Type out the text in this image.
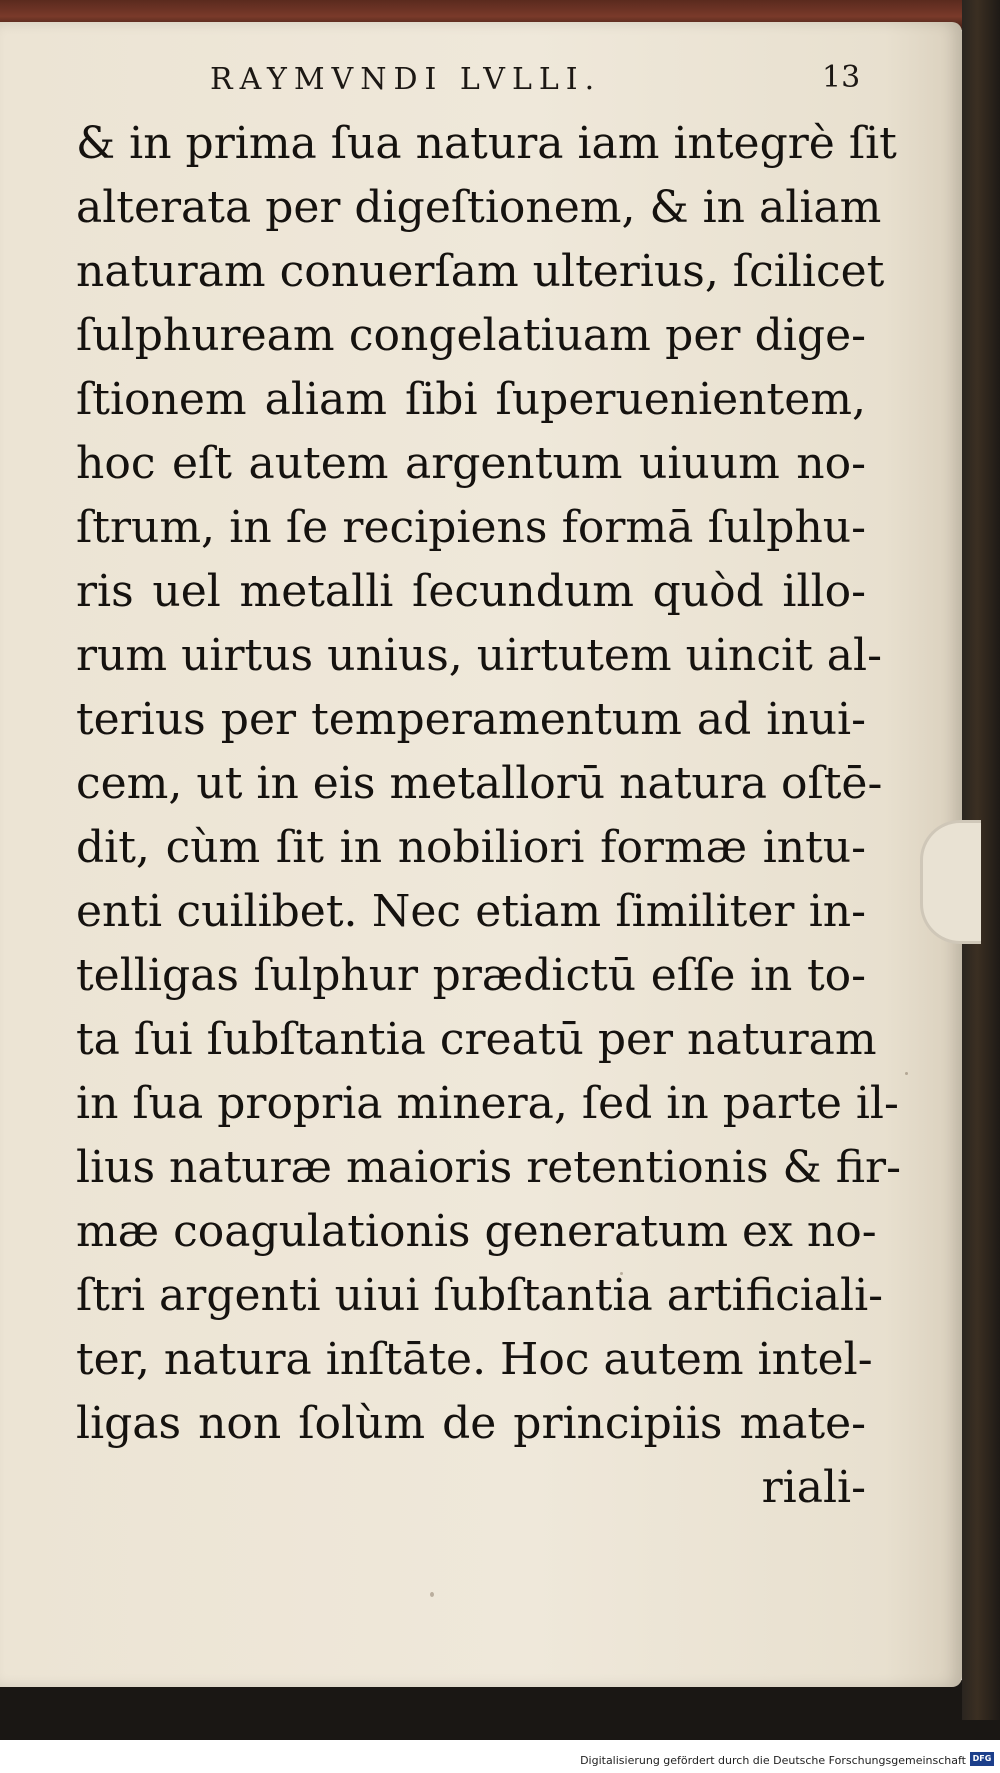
RAYMVNDI LVLLI.	13
& in prima ſua natura iam integrè ſit
alterata per digeſtionem, & in aliam
naturam conuerſam ulterius, ſcilicet
ſulphuream congelatiuam per dige-
ſtionem aliam ſibi ſuperuenientem,
hoc eſt autem argentum uiuum no-
ſtrum, in ſe recipiens formā ſulphu-
ris uel metalli ſecundum quòd illo-
rum uirtus unius, uirtutem uincit al-
terius per temperamentum ad inui-
cem, ut in eis metallorū natura oſtē-
dit, cùm ſit in nobiliori formæ intu-
enti cuilibet. Nec etiam ſimiliter in-
telligas ſulphur prædictū eſſe in to-
ta ſui ſubſtantia creatū per naturam
in ſua propria minera, ſed in parte il-
lius naturæ maioris retentionis & fir-
mæ coagulationis generatum ex no-
ſtri argenti uiui ſubſtantia artificiali-
ter, natura inſtāte. Hoc autem intel-
ligas non ſolùm de principiis mate-
riali-
Digitalisierung gefördert durch die Deutsche Forschungsgemeinschaft DFG
